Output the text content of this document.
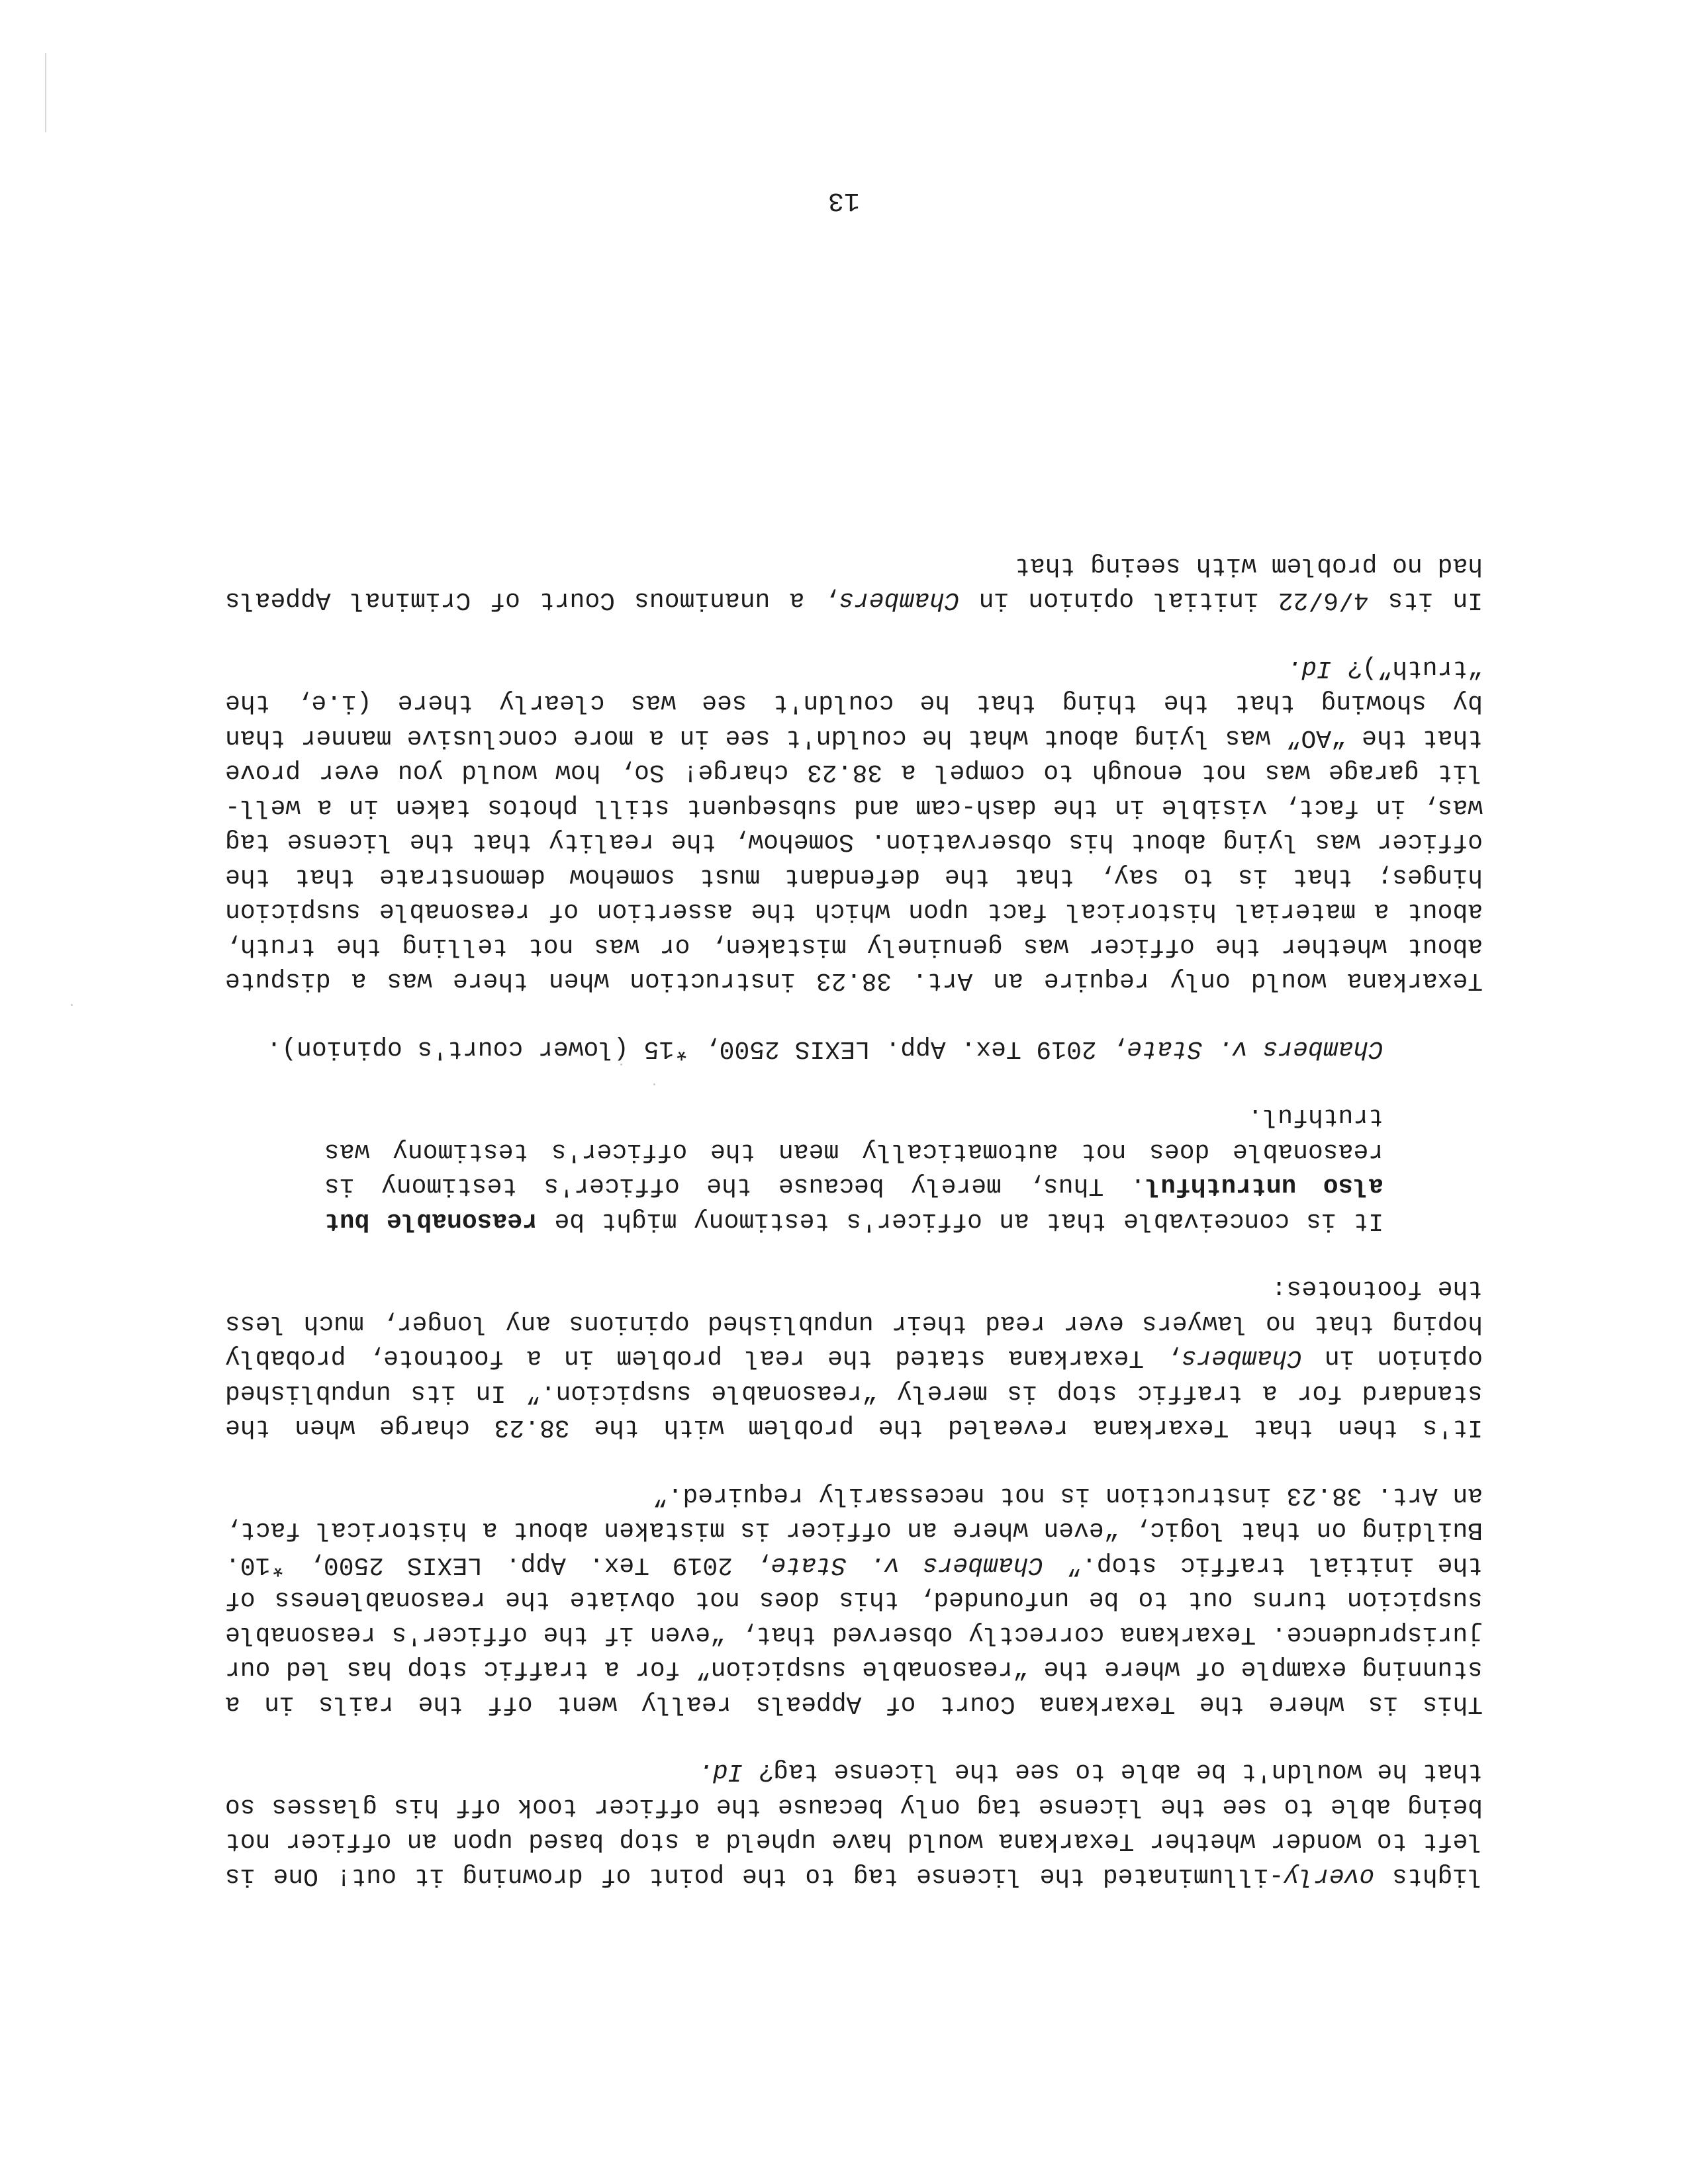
lights overly-illuminated the license tag to the point of drowning it out! One is left to wonder whether Texarkana would have upheld a stop based upon an officer not being able to see the license tag only because the officer took off his glasses so that he wouldn't be able to see the license tag? Id.

This is where the Texarkana Court of Appeals really went off the rails in a stunning example of where the “reasonable suspicion” for a traffic stop has led our jurisprudence. Texarkana correctly observed that, “even if the officer's reasonable suspicion turns out to be unfounded, this does not obviate the reasonableness of the initial traffic stop.” Chambers v. State, 2019 Tex. App. LEXIS 2500, *10. Building on that logic, “even where an officer is mistaken about a historical fact, an Art. 38.23 instruction is not necessarily required.”

It's then that Texarkana revealed the problem with the 38.23 charge when the standard for a traffic stop is merely “reasonable suspicion.” In its unpublished opinion in Chambers, Texarkana stated the real problem in a footnote, probably hoping that no lawyers ever read their unpublished opinions any longer, much less the footnotes:

It is conceivable that an officer's testimony might be reasonable but also untruthful. Thus, merely because the officer's testimony is reasonable does not automatically mean the officer's testimony was truthful.
Chambers v. State, 2019 Tex. App. LEXIS 2500, *15 (lower court's opinion).

Texarkana would only require an Art. 38.23 instruction when there was a dispute about whether the officer was genuinely mistaken, or was not telling the truth, about a material historical fact upon which the assertion of reasonable suspicion hinges; that is to say, that the defendant must somehow demonstrate that the officer was lying about his observation. Somehow, the reality that the license tag was, in fact, visible in the dash-cam and subsequent still photos taken in a well-lit garage was not enough to compel a 38.23 charge! So, how would you ever prove that the “AO” was lying about what he couldn't see in a more conclusive manner than by showing that the thing that he couldn't see was clearly there (i.e, the “truth”)? Id.

In its 4/6/22 initial opinion in Chambers, a unanimous Court of Criminal Appeals had no problem with seeing that

13
